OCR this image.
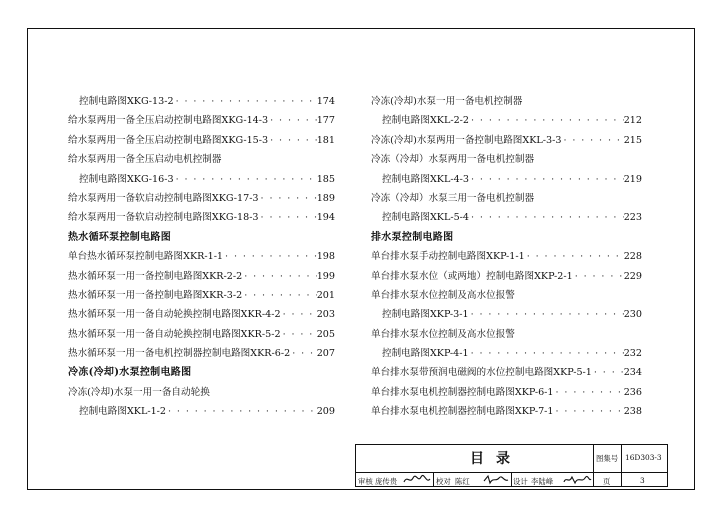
控制电路图XKG-13-2 · · ·	174
给水泵两用一备全压启动控制电路图XKG-14-3 · · ·	177
给水泵两用一备全压启动控制电路图XKG-15-3 · · ·	181
给水泵两用一备全压启动电机控制器
控制电路图XKG-16-3 · · ·	185
给水泵两用一备软启动控制电路图XKG-17-3 · · ·	189
给水泵两用一备软启动控制电路图XKG-18-3 · · ·	194
热水循环泵控制电路图
单台热水循环泵控制电路图XKR-1-1 · · ·	198
热水循环泵一用一备控制电路图XKR-2-2 · · ·	199
热水循环泵一用一备控制电路图XKR-3-2 · · ·	201
热水循环泵一用一备自动轮换控制电路图XKR-4-2 · · ·	203
热水循环泵一用一备自动轮换控制电路图XKR-5-2 · · ·	205
热水循环泵一用一备电机控制器控制电路图XKR-6-2 · · ·	207
冷冻(冷却)水泵控制电路图
冷冻(冷却)水泵一用一备自动轮换
控制电路图XKL-1-2 · · ·	209
冷冻(冷却)水泵一用一备电机控制器
控制电路图XKL-2-2 · · ·	212
冷冻(冷却)水泵两用一备控制电路图XKL-3-3 · · ·	215
冷冻（冷却）水泵两用一备电机控制器
控制电路图XKL-4-3 · · ·	219
冷冻（冷却）水泵三用一备电机控制器
控制电路图XKL-5-4 · · ·	223
排水泵控制电路图
单台排水泵手动控制电路图XKP-1-1 · · ·	228
单台排水泵水位（或两地）控制电路图XKP-2-1 · · ·	229
单台排水泵水位控制及高水位报警
控制电路图XKP-3-1 · · ·	230
单台排水泵水位控制及高水位报警
控制电路图XKP-4-1 · · ·	232
单台排水泵带预润电磁阀的水位控制电路图XKP-5-1 · · ·	234
单台排水泵电机控制器控制电路图XKP-6-1 · · ·	236
单台排水泵电机控制器控制电路图XKP-7-1 · · ·	238
目录	图集号 16D303-3
审核 庞传贵	校对 陈红	设计 李陆峰	页	3
